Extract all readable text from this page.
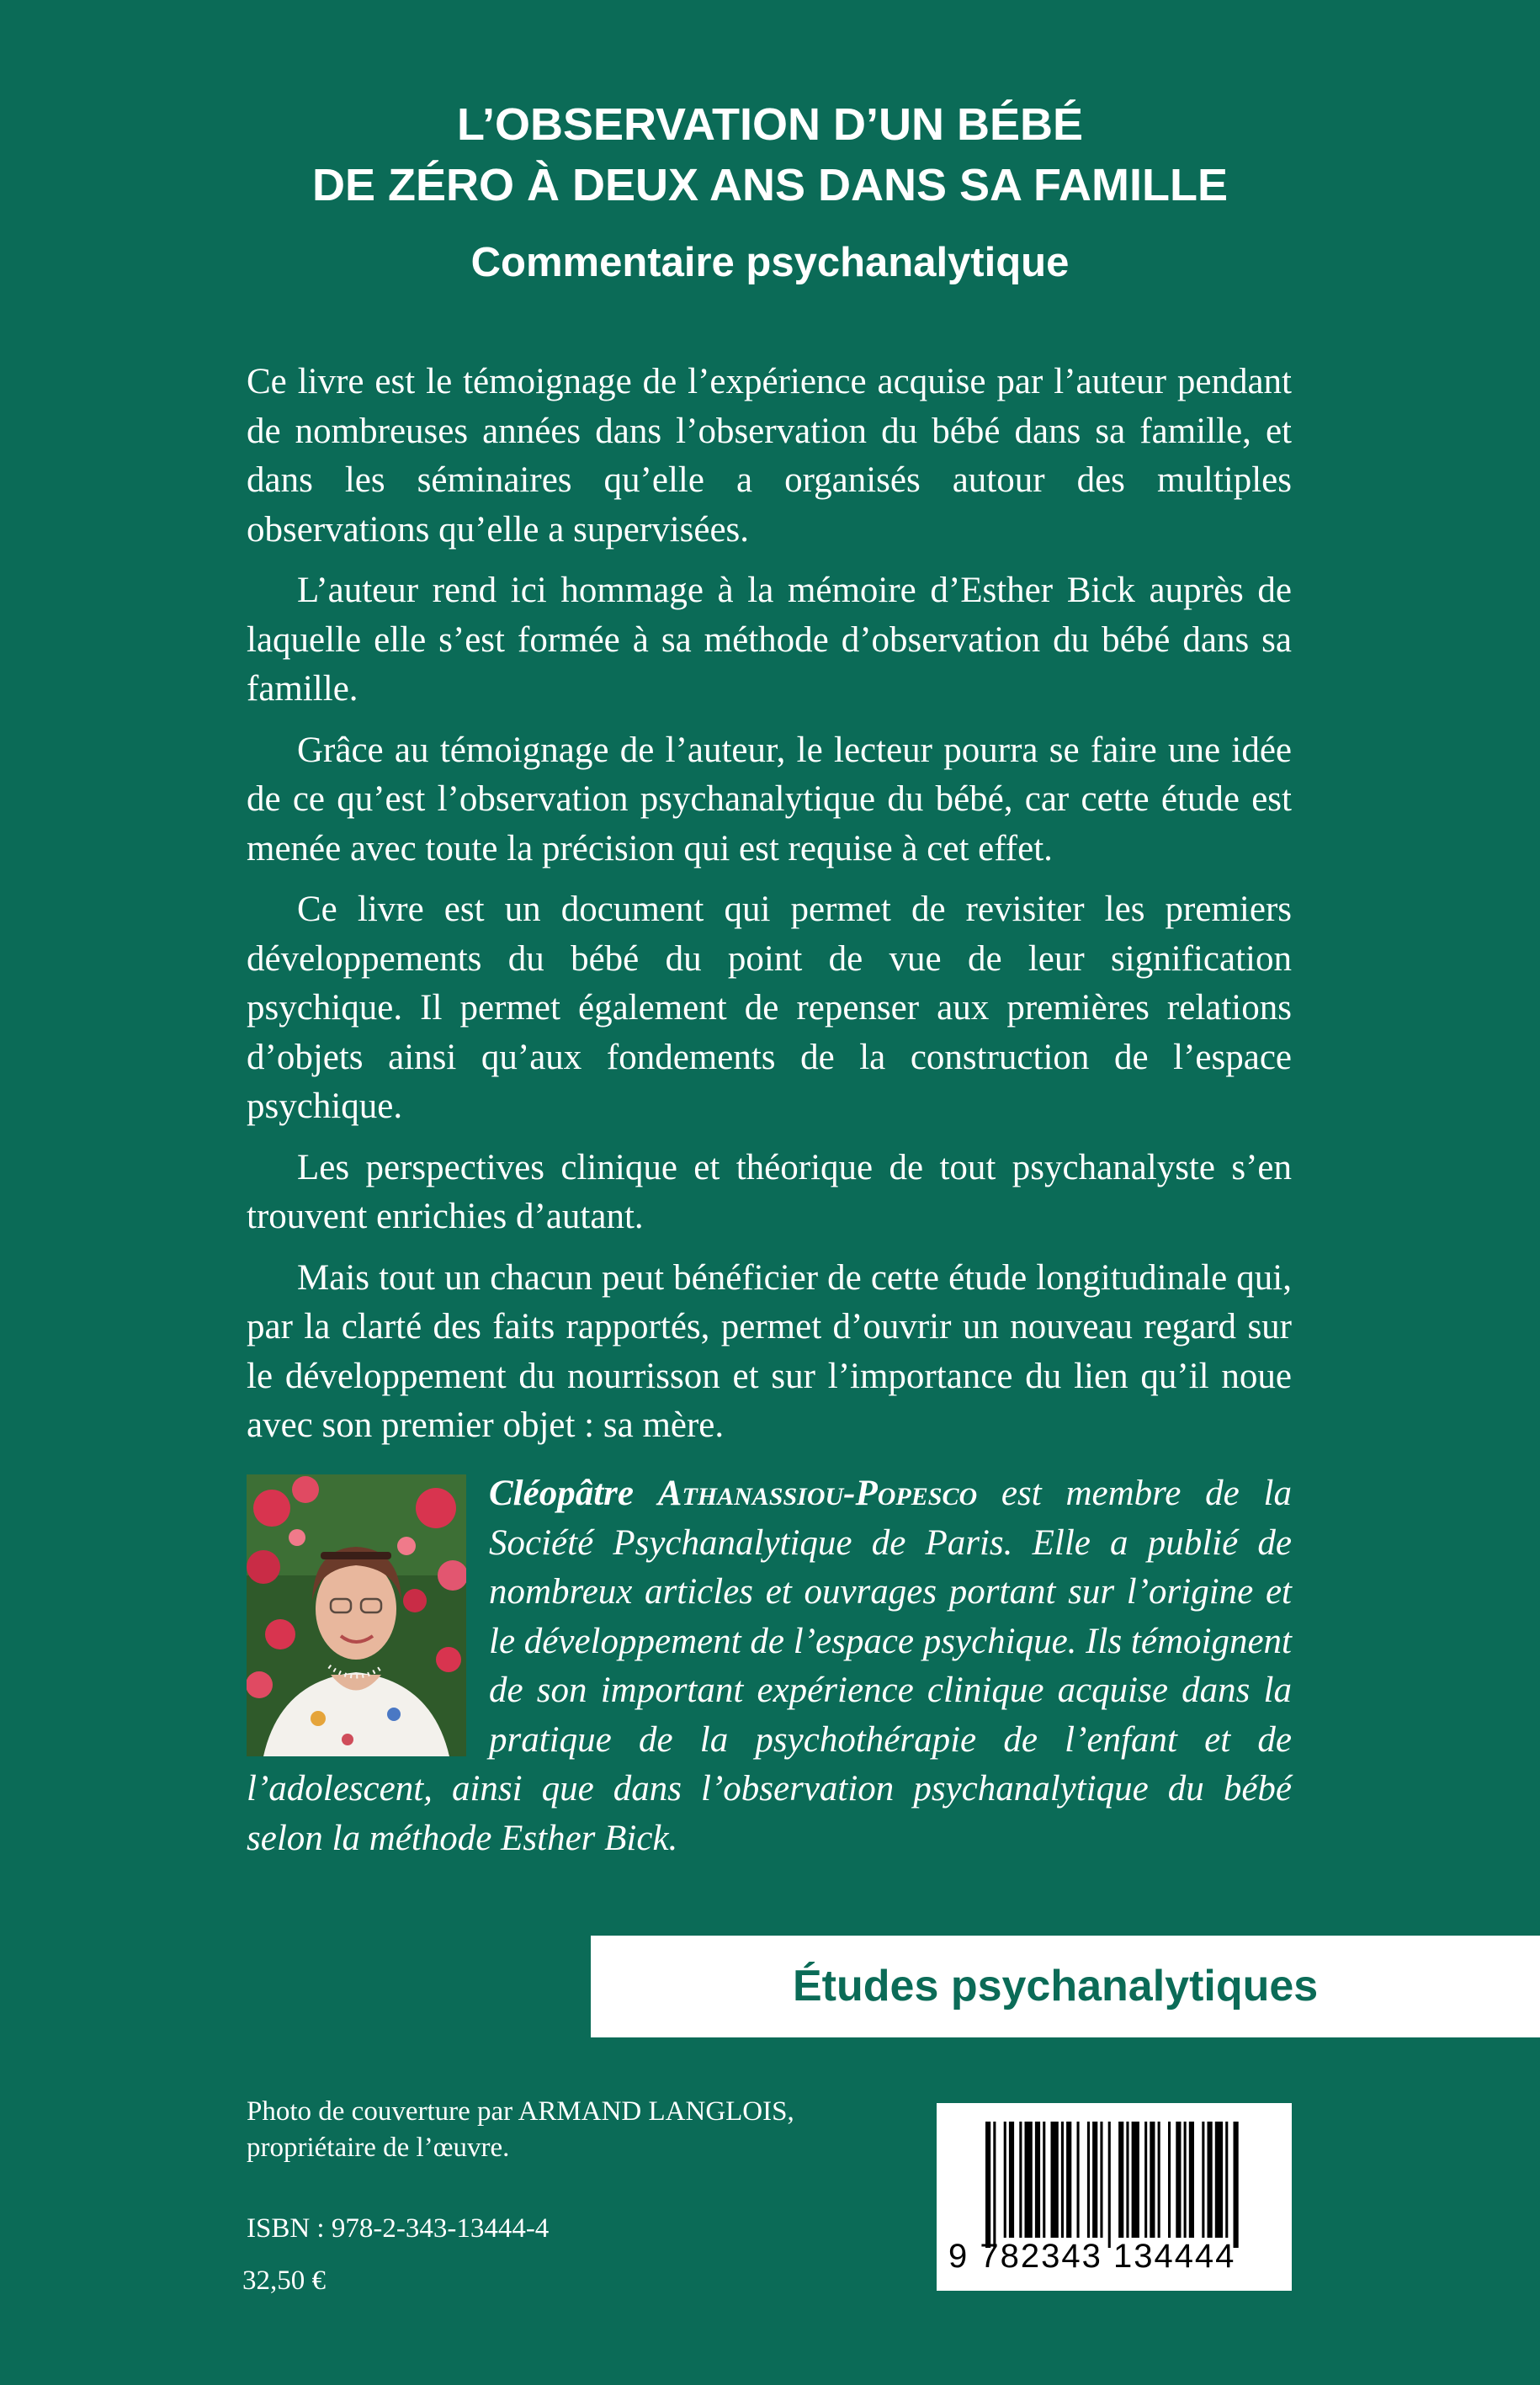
L’OBSERVATION D’UN BÉBÉ
DE ZÉRO À DEUX ANS DANS SA FAMILLE
Commentaire psychanalytique

Ce livre est le témoignage de l’expérience acquise par l’auteur pendant de nombreuses années dans l’observation du bébé dans sa famille, et dans les séminaires qu’elle a organisés autour des multiples observations qu’elle a supervisées.

L’auteur rend ici hommage à la mémoire d’Esther Bick auprès de laquelle elle s’est formée à sa méthode d’observation du bébé dans sa famille.

Grâce au témoignage de l’auteur, le lecteur pourra se faire une idée de ce qu’est l’observation psychanalytique du bébé, car cette étude est menée avec toute la précision qui est requise à cet effet.

Ce livre est un document qui permet de revisiter les premiers développements du bébé du point de vue de leur signification psychique. Il permet également de repenser aux premières relations d’objets ainsi qu’aux fondements de la construction de l’espace psychique.

Les perspectives clinique et théorique de tout psychanalyste s’en trouvent enrichies d’autant.

Mais tout un chacun peut bénéficier de cette étude longitudinale qui, par la clarté des faits rapportés, permet d’ouvrir un nouveau regard sur le développement du nourrisson et sur l’importance du lien qu’il noue avec son premier objet : sa mère.

Cléopâtre Athanassiou-Popesco est membre de la Société Psychanalytique de Paris. Elle a publié de nombreux articles et ouvrages portant sur l’origine et le développement de l’espace psychique. Ils témoignent de son important expérience clinique acquise dans la pratique de la psychothérapie de l’enfant et de l’adolescent, ainsi que dans l’observation psychanalytique du bébé selon la méthode Esther Bick.
Études psychanalytiques
Photo de couverture par ARMAND LANGLOIS,
propriétaire de l’œuvre.
ISBN : 978-2-343-13444-4
32,50 €
9 782343 134444
